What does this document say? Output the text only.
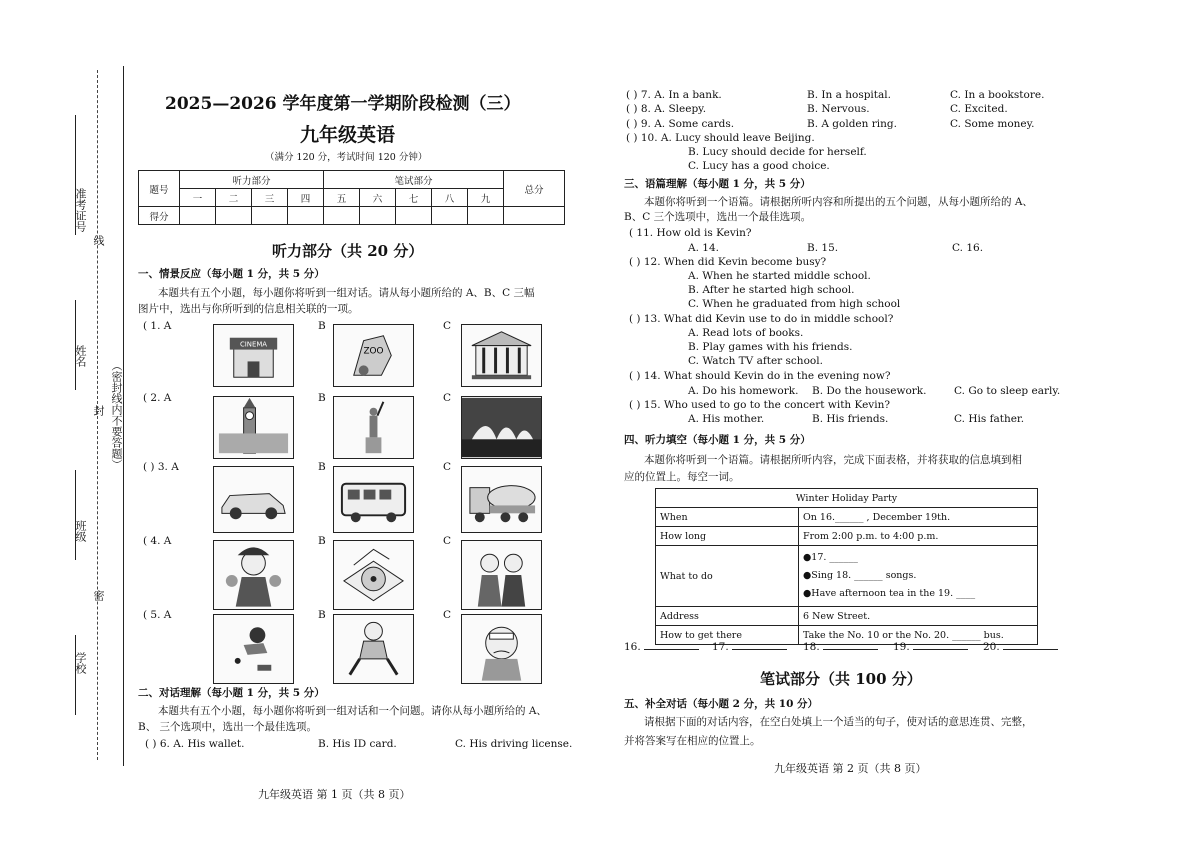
准考证号
线
姓名
封 （密封线内不要答题）
班级
密
学校
2025—2026 学年度第一学期阶段检测（三）
九年级英语
（满分 120 分，考试时间 120 分钟）
题号	听力部分				笔试部分					总分
	一	二	三	四	五	六	七	八	九	
得分										
听力部分（共 20 分）
一、情景反应（每小题 1 分，共 5 分）
本题共有五个小题，每小题你将听到一组对话。请从每小题所给的 A、B、C 三幅
图片中，选出与你所听到的信息相关联的一项。
( 1. A	B	C
CINEMA
ZOO
( 2. A	B	C
( ) 3. A	B	C
( 4. A	B	C
( 5. A	B	C
二、对话理解（每小题 1 分，共 5 分）
本题共有五个小题，每小题你将听到一组对话和一个问题。请你从每小题所给的 A、
B、 三个选项中，选出一个最佳选项。
( ) 6. A. His wallet.	B. His ID card.	C. His driving license.
九年级英语 第 1 页（共 8 页）
( ) 7. A. In a bank.	B. In a hospital.	C. In a bookstore.
( ) 8. A. Sleepy.	B. Nervous.	C. Excited.
( ) 9. A. Some cards.	B. A golden ring.	C. Some money.
( ) 10. A. Lucy should leave Beijing.
B. Lucy should decide for herself.
C. Lucy has a good choice.
三、语篇理解（每小题 1 分，共 5 分）
本题你将听到一个语篇。请根据所听内容和所提出的五个问题，从每小题所给的 A、
B、C 三个选项中，选出一个最佳选项。
( 11. How old is Kevin?
A. 14.	B. 15.	C. 16.
( ) 12. When did Kevin become busy?
A. When he started middle school.
B. After he started high school.
C. When he graduated from high school
( ) 13. What did Kevin use to do in middle school?
A. Read lots of books.
B. Play games with his friends.
C. Watch TV after school.
( ) 14. What should Kevin do in the evening now?
A. Do his homework. B. Do the housework.	C. Go to sleep early.
( ) 15. Who used to go to the concert with Kevin?
A. His mother.	B. His friends.	C. His father.
四、听力填空（每小题 1 分，共 5 分）
本题你将听到一个语篇。请根据所听内容，完成下面表格，并将获取的信息填到相
应的位置上。每空一词。
Winter Holiday Party	
When	On 16.______ , December 19th.
How long	From 2:00 p.m. to 4:00 p.m.
What to do	●17. ______
●Sing 18. ______ songs.
●Have afternoon tea in the 19. ____

Address	6 New Street.
How to get there	Take the No. 10 or the No. 20. ______ bus.
16.	17.	18.	19.	20.
笔试部分（共 100 分）
五、补全对话（每小题 2 分，共 10 分）
请根据下面的对话内容，在空白处填上一个适当的句子，使对话的意思连贯、完整，
并将答案写在相应的位置上。
九年级英语 第 2 页（共 8 页）
